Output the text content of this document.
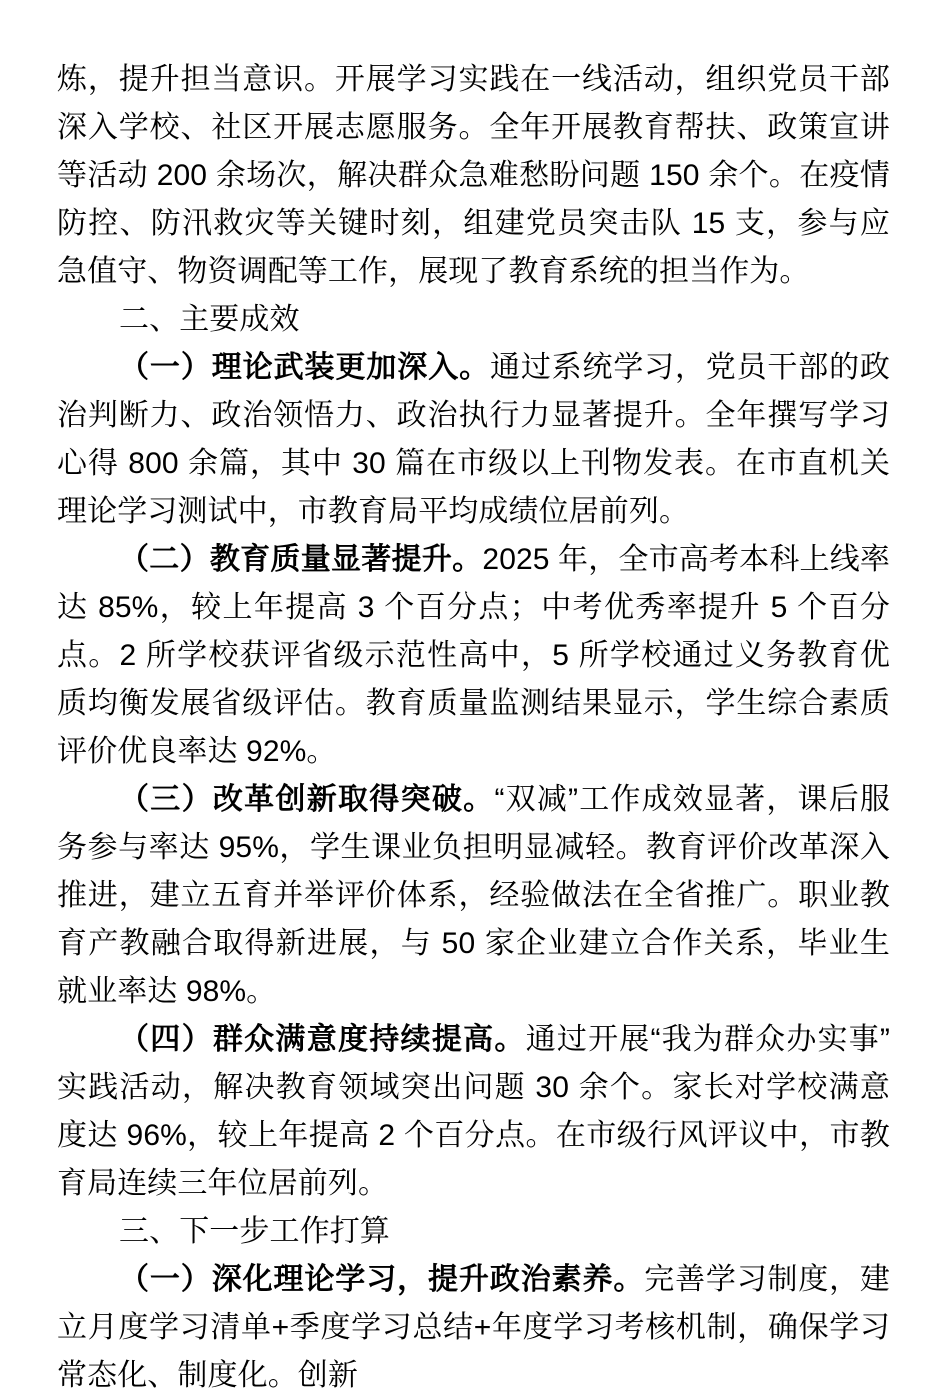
炼，提升担当意识。开展学习实践在一线活动，组织党员干部深入学校、社区开展志愿服务。全年开展教育帮扶、政策宣讲等活动 200 余场次，解决群众急难愁盼问题 150 余个。在疫情防控、防汛救灾等关键时刻，组建党员突击队 15 支，参与应急值守、物资调配等工作，展现了教育系统的担当作为。

二、主要成效

（一）理论武装更加深入。通过系统学习，党员干部的政治判断力、政治领悟力、政治执行力显著提升。全年撰写学习心得 800 余篇，其中 30 篇在市级以上刊物发表。在市直机关理论学习测试中，市教育局平均成绩位居前列。

（二）教育质量显著提升。2025 年，全市高考本科上线率达 85%，较上年提高 3 个百分点；中考优秀率提升 5 个百分点。2 所学校获评省级示范性高中，5 所学校通过义务教育优质均衡发展省级评估。教育质量监测结果显示，学生综合素质评价优良率达 92%。

（三）改革创新取得突破。“双减”工作成效显著，课后服务参与率达 95%，学生课业负担明显减轻。教育评价改革深入推进，建立五育并举评价体系，经验做法在全省推广。职业教育产教融合取得新进展，与 50 家企业建立合作关系，毕业生就业率达 98%。

（四）群众满意度持续提高。通过开展“我为群众办实事”实践活动，解决教育领域突出问题 30 余个。家长对学校满意度达 96%，较上年提高 2 个百分点。在市级行风评议中，市教育局连续三年位居前列。

三、下一步工作打算

（一）深化理论学习，提升政治素养。完善学习制度，建立月度学习清单+季度学习总结+年度学习考核机制，确保学习常态化、制度化。创新
